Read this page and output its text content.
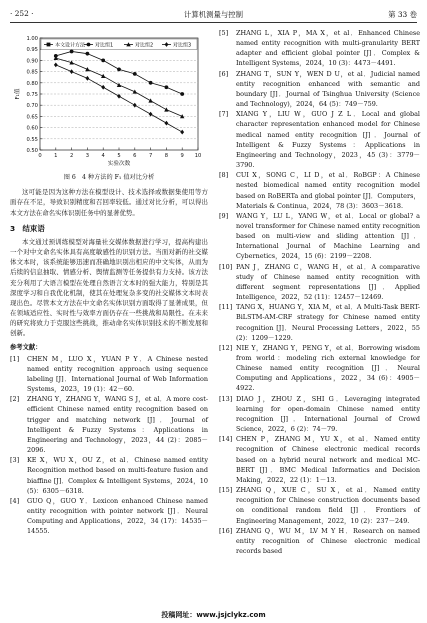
· 252 ·	计算机测量与控制	第 33 卷
0.50
0.55
0.60
0.65
0.70
0.75
0.80
0.85
0.90
0.95
1.00
0 1 2 3 4 5 6 7 8 9 10
实验次数
F₁值
本文设计方法 对比组1	对比组2	对比组3

图 6　4 种方法的 F₁ 值对比分析

这可能是因为这种方法在模型设计、技术选择或数据集使用等方面存在不足，导致识别精度和召回率较低。通过对比分析，可以得出本文方法在命名实体识别任务中的显著优势。

3　结束语

本文通过预训练模型对海量社交媒体数据进行学习，提高构建出一个对中文命名实体具有高度敏感性的识别方法。当面对新的社交媒体文本时，该系统能够迅速而准确地识别出相应的中文实体，从而为后续的信息抽取、情感分析、舆情监测等任务提供有力支持。该方法充分利用了大语言模型在处理自然语言文本时的强大能力，特别是其深度学习和自我优化机制，使其在处理复杂多变的社交媒体文本时表现出色。尽管本文方法在中文命名实体识别方面取得了显著成果，但在领域适应性、实时性与效率方面仍存在一些挑战和局限性。在未来的研究将致力于克服这些挑战，推动命名实体识别技术的不断发展和创新。

参考文献：
[1]	CHEN M，LUO X，YUAN P Y．A Chinese nested named entity recognition approach using sequence labeling [J]．International Journal of Web Information Systems，2023，19 (1)：42－60.
[2]	ZHANG Y，ZHANG Y，WANG S J，et al．A more cost-efficient Chinese named entity recognition based on trigger and matching network [J]．Journal of Intelligent & Fuzzy Systems：Applications in Engineering and Technology，2023，44 (2)：2085－2096.
[3]	KE X，WU X，OU Z，et al．Chinese named entity Recognition method based on multi-feature fusion and biaffine [J]．Complex & Intelligent Systems，2024，10 (5)：6305－6318.
[4]	GUO Q，GUO Y．Lexicon enhanced Chinese named entity recognition with pointer network [J]．Neural Computing and Applications，2022，34 (17)：14535－14555.
[5]	ZHANG L，XIA P，MA X，et al．Enhanced Chinese named entity recognition with multi-granularity BERT adapter and efficient global pointer [J]．Complex & Intelligent Systems，2024，10 (3)：4473－4491.
[6]	ZHANG T，SUN Y，WEN D U，et al．Judicial named entity recognition enhanced with semantic and boundary [J]．Journal of Tsinghua University (Science and Technology)，2024，64 (5)：749－759.
[7]	XIANG Y，LIU W，GUO J Z L．Local and global character representation enhanced model for Chinese medical named entity recognition [J]．Journal of Intelligent & Fuzzy Systems：Applications in Engineering and Technology，2023，45 (3)：3779－3790.
[8]	CUI X，SONG C，LI D，et al．RoBGP：A Chinese nested biomedical named entity recognition model based on RoBERTa and global pointer [J]．Computers，Materials & Continua，2024，78 (3)：3603－3618.
[9]	WANG Y，LU L，YANG W，et al．Local or global? a novel transformer for Chinese named entity recognition based on multi-view and sliding attention [J]．International Journal of Machine Learning and Cybernetics，2024，15 (6)：2199－2208.
[10] PAN J，ZHANG C，WANG H，et al．A comparative study of Chinese named entity recognition with different segment representations [J]．Applied Intelligence，2022，52 (11)：12457－12469.
[11] TANG X，HUANG Y，XIA M，et al．A Multi-Task BERT-BiLSTM-AM-CRF strategy for Chinese named entity recognition [J]．Neural Processing Letters，2022，55 (2)：1209－1229.
[12] NIE Y，ZHANG Y，PENG Y，et al．Borrowing wisdom from world：modeling rich external knowledge for Chinese named entity recognition [J]．Neural Computing and Applications，2022，34 (6)：4905－4922.
[13] DIAO J，ZHOU Z，SHI G．Leveraging integrated learning for open-domain Chinese named entity recognition [J]．International Journal of Crowd Science，2022，6 (2)：74－79.
[14] CHEN P，ZHANG M，YU X，et al．Named entity recognition of Chinese electronic medical records based on a hybrid neural network and medical MC-BERT [J]．BMC Medical Informatics and Decision Making，2022，22 (1)：1－13.
[15] ZHANG Q，XUE C，SU X，et al．Named entity recognition for Chinese construction documents based on conditional random field [J]．Frontiers of Engineering Management，2022，10 (2)：237－249.
[16] ZHANG Q，WU M，LV M Y H．Research on named entity recognition of Chinese electronic medical records based
投稿网址：www.jsjclykz.com
